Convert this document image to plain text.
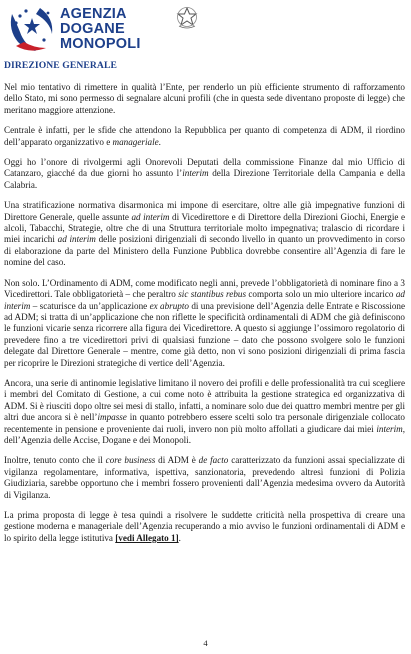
AGENZIA
DOGANE
MONOPOLI
DIREZIONE GENERALE

Nel mio tentativo di rimettere in qualità l’Ente, per renderlo un più efficiente strumento di rafforzamento dello Stato, mi sono permesso di segnalare alcuni profili (che in questa sede diventano proposte di legge) che meritano maggiore attenzione.

Centrale è infatti, per le sfide che attendono la Repubblica per quanto di competenza di ADM, il riordino dell’apparato organizzativo e manageriale.

Oggi ho l’onore di rivolgermi agli Onorevoli Deputati della commissione Finanze dal mio Ufficio di Catanzaro, giacché da due giorni ho assunto l’interim della Direzione Territoriale della Campania e della Calabria.

Una stratificazione normativa disarmonica mi impone di esercitare, oltre alle già impegnative funzioni di Direttore Generale, quelle assunte ad interim di Vicedirettore e di Direttore della Direzioni Giochi, Energie e alcoli, Tabacchi, Strategie, oltre che di una Struttura territoriale molto impegnativa; tralascio di ricordare i miei incarichi ad interim delle posizioni dirigenziali di secondo livello in quanto un provvedimento in corso di elaborazione da parte del Ministero della Funzione Pubblica dovrebbe consentire all’Agenzia di fare le nomine del caso.

Non solo. L’Ordinamento di ADM, come modificato negli anni, prevede l’obbligatorietà di nominare fino a 3 Vicedirettori. Tale obbligatorietà – che peraltro sic stantibus rebus comporta solo un mio ulteriore incarico ad interim – scaturisce da un’applicazione ex abrupto di una previsione dell’Agenzia delle Entrate e Riscossione ad ADM; si tratta di un’applicazione che non riflette le specificità ordinamentali di ADM che già definiscono le funzioni vicarie senza ricorrere alla figura dei Vicedirettore. A questo si aggiunge l’ossimoro regolatorio di prevedere fino a tre vicedirettori privi di qualsiasi funzione – dato che possono svolgere solo le funzioni delegate dal Direttore Generale – mentre, come già detto, non vi sono posizioni dirigenziali di prima fascia per ricoprire le Direzioni strategiche di vertice dell’Agenzia.

Ancora, una serie di antinomie legislative limitano il novero dei profili e delle professionalità tra cui scegliere i membri del Comitato di Gestione, a cui come noto è attribuita la gestione strategica ed organizzativa di ADM. Si è riusciti dopo oltre sei mesi di stallo, infatti, a nominare solo due dei quattro membri mentre per gli altri due ancora si è nell’impasse in quanto potrebbero essere scelti solo tra personale dirigenziale collocato recentemente in pensione e proveniente dai ruoli, invero non più molto affollati a giudicare dai miei interim, dell’Agenzia delle Accise, Dogane e dei Monopoli.

Inoltre, tenuto conto che il core business di ADM è de facto caratterizzato da funzioni assai specializzate di vigilanza regolamentare, informativa, ispettiva, sanzionatoria, prevedendo altresì funzioni di Polizia Giudiziaria, sarebbe opportuno che i membri fossero provenienti dall’Agenzia medesima ovvero da Autorità di Vigilanza.

La prima proposta di legge è tesa quindi a risolvere le suddette criticità nella prospettiva di creare una gestione moderna e manageriale dell’Agenzia recuperando a mio avviso le funzioni ordinamentali di ADM e lo spirito della legge istitutiva [vedi Allegato 1].

4
